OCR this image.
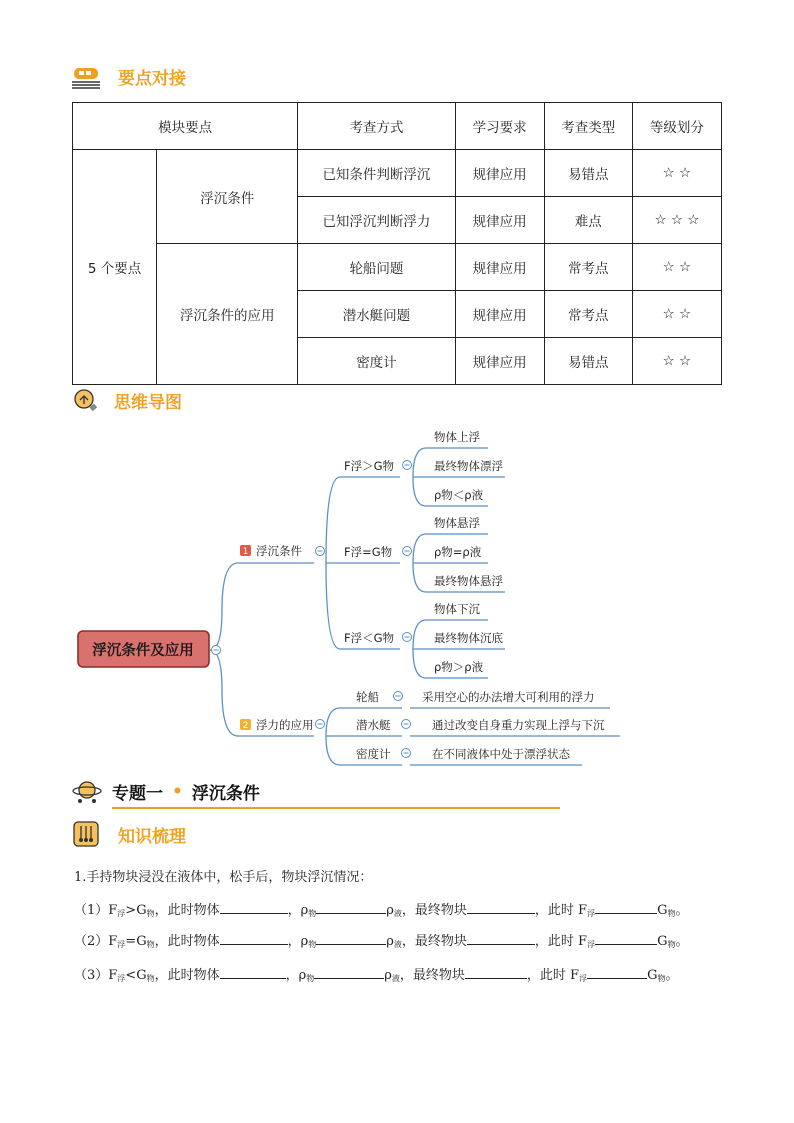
要点对接
模块要点		考查方式	学习要求	考查类型	等级划分
5 个要点	浮沉条件	已知条件判断浮沉	规律应用	易错点	☆ ☆
		已知浮沉判断浮力	规律应用	难点	☆ ☆ ☆
	浮沉条件的应用	轮船问题	规律应用	常考点	☆ ☆
		潜水艇问题	规律应用	常考点	☆ ☆
		密度计	规律应用	易错点	☆ ☆
思维导图
浮沉条件及应用
1 浮沉条件
2 浮力的应用
F浮＞G物
F浮=G物
F浮＜G物
物体上浮
最终物体漂浮
ρ物＜ρ液
物体悬浮
ρ物=ρ液
最终物体悬浮
物体下沉
最终物体沉底
ρ物＞ρ液
轮船
潜水艇
密度计
采用空心的办法增大可利用的浮力
通过改变自身重力实现上浮与下沉
在不同液体中处于漂浮状态
专题一 • 浮沉条件
知识梳理
1.手持物块浸没在液体中，松手后，物块浮沉情况：
$(1)F_浮>G_物$，此时物体	，$\rho_物$	$\rho_液$，最终物块	，此时 $F_浮$	$G_物$。
$(2)F_浮=G_物$，此时物体	，$\rho_物$	$\rho_液$，最终物块	，此时 $F_浮$	$G_物$。
$(3)F_浮<G_物$，此时物体	，$\rho_物$	$\rho_液$，最终物块	，此时 $F_浮$	$G_物$。
